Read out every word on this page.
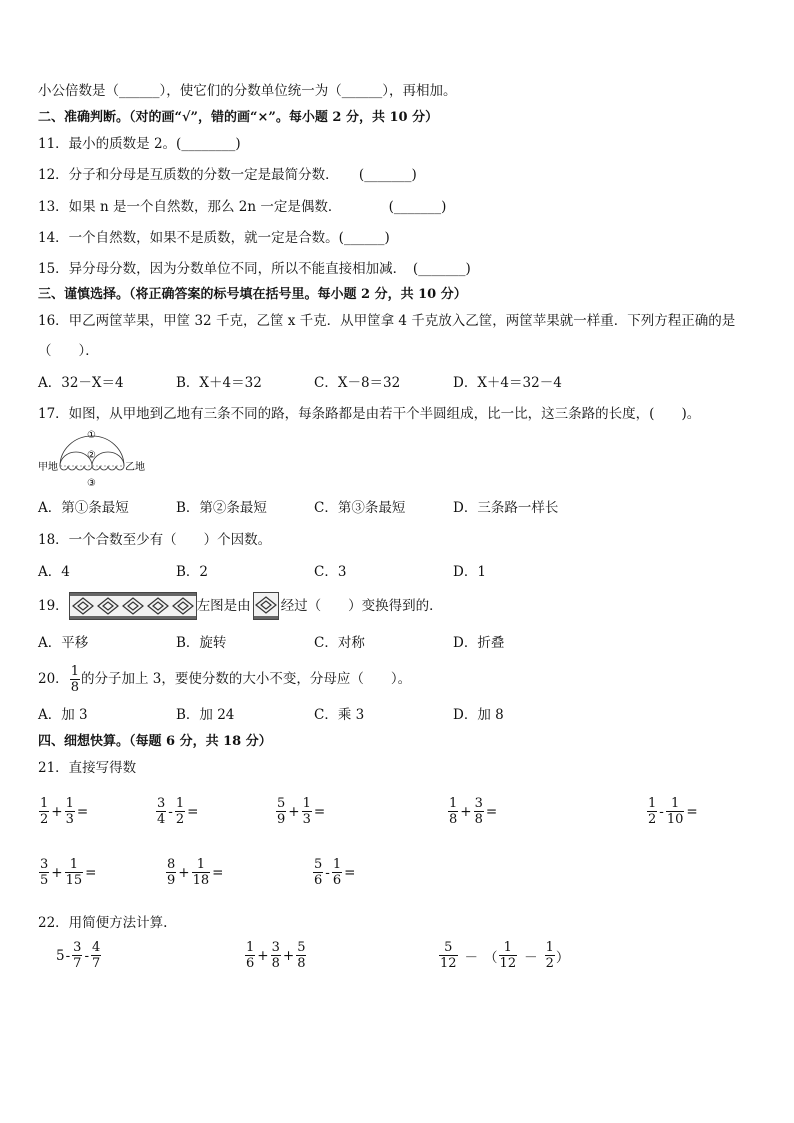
小公倍数是（______），使它们的分数单位统一为（______），再相加。
二、准确判断。（对的画“√”，错的画“×”。每小题 2 分，共 10 分）
11．最小的质数是 2。(________)
12．分子和分母是互质数的分数一定是最简分数．　　(_______)
13．如果 n 是一个自然数，那么 2n 一定是偶数．　　　　(_______)
14．一个自然数，如果不是质数，就一定是合数。(______)
15．异分母分数，因为分数单位不同，所以不能直接相加减．　(_______)
三、谨慎选择。（将正确答案的标号填在括号里。每小题 2 分，共 10 分）
16．甲乙两筐苹果，甲筐 32 千克，乙筐 x 千克．从甲筐拿 4 千克放入乙筐，两筐苹果就一样重．下列方程正确的是
（　　）．
A．32－X＝4	B．X＋4＝32	C．X－8＝32	D．X＋4＝32－4
17．如图，从甲地到乙地有三条不同的路，每条路都是由若干个半圆组成，比一比，这三条路的长度，(　　)。
甲地	乙地
①
②
③
A．第①条最短	B．第②条最短	C．第③条最短	D．三条路一样长
18．一个合数至少有（　　）个因数。
A．4	B．2	C．3	D．1
19．	左图是由 经过（　　）变换得到的．
A．平移	B．旋转	C．对称	D．折叠
20． $\frac{1}{8}$ 的分子加上 3，要使分数的大小不变，分母应（　　）。
A．加 3	B．加 24	C．乘 3	D．加 8
四、细想快算。（每题 6 分，共 18 分）
21．直接写得数
$\frac{1}{2} + \frac{1}{3}$ =	$\frac{3}{4} - \frac{1}{2}$ =	$\frac{5}{9} + \frac{1}{3}$ =	$\frac{1}{8} + \frac{3}{8}$ =	$\frac{1}{2} - \frac{1}{10}$ =
$\frac{3}{5} + \frac{1}{15}$ =	$\frac{8}{9} + \frac{1}{18}$ =	$\frac{5}{6} - \frac{1}{6}$ =
22．用简便方法计算.
$5 - \frac{3}{7} - \frac{4}{7}$	$\frac{1}{6} + \frac{3}{8} + \frac{5}{8}$	$\frac{5}{12}$ － （ $\frac{1}{12} - \frac{1}{2}$ ）
